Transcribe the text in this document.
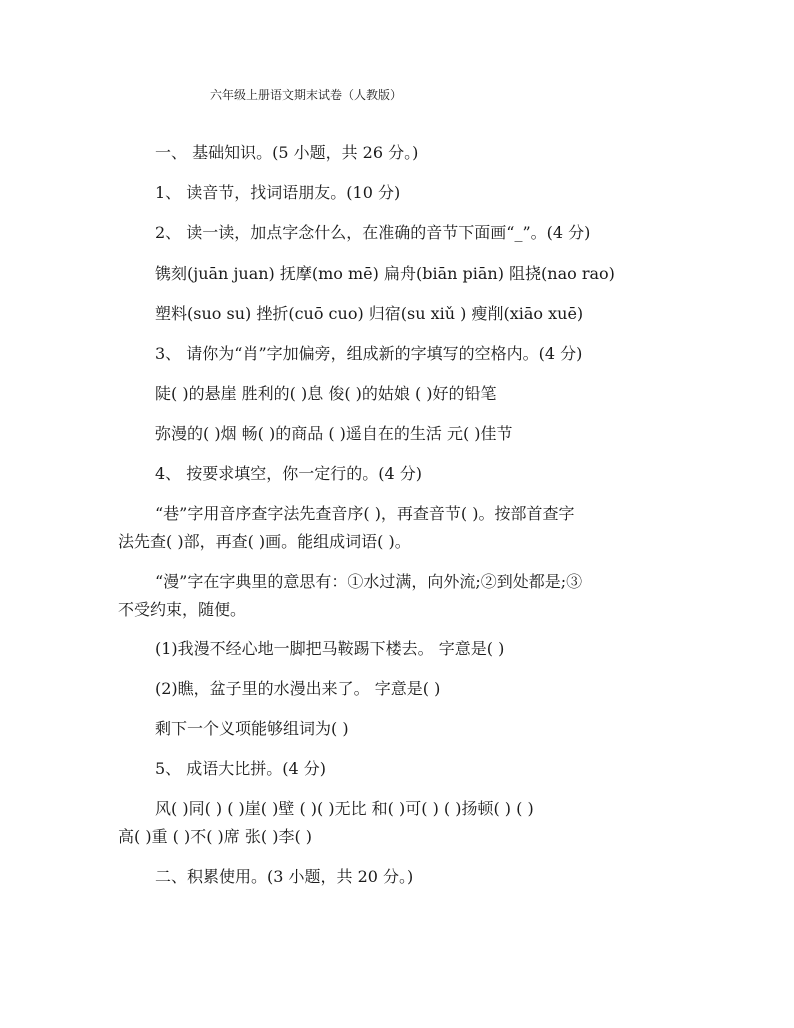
六年级上册语文期末试卷（人教版）
一、 基础知识。(5 小题，共 26 分。)
1、 读音节，找词语朋友。(10 分)
2、 读一读，加点字念什么，在准确的音节下面画“_”。(4 分)
镌刻(juān juan) 抚摩(mo mē) 扁舟(biān piān) 阻挠(nao rao)
塑料(suo su) 挫折(cuō cuo) 归宿(su xiǔ ) 瘦削(xiāo xuē)
3、 请你为“肖”字加偏旁，组成新的字填写的空格内。(4 分)
陡( )的悬崖 胜利的( )息 俊( )的姑娘 ( )好的铅笔
弥漫的( )烟 畅( )的商品 ( )遥自在的生活 元( )佳节
4、 按要求填空，你一定行的。(4 分)
“巷”字用音序查字法先查音序( )，再查音节( )。按部首查字
法先查( )部，再查( )画。能组成词语( )。
“漫”字在字典里的意思有：①水过满，向外流;②到处都是;③
不受约束，随便。
(1)我漫不经心地一脚把马鞍踢下楼去。 字意是( )
(2)瞧，盆子里的水漫出来了。 字意是( )
剩下一个义项能够组词为( )
5、 成语大比拼。(4 分)
风( )同( ) ( )崖( )壁 ( )( )无比 和( )可( ) ( )扬顿( ) ( )
高( )重 ( )不( )席 张( )李( )
二、积累使用。(3 小题，共 20 分。)
